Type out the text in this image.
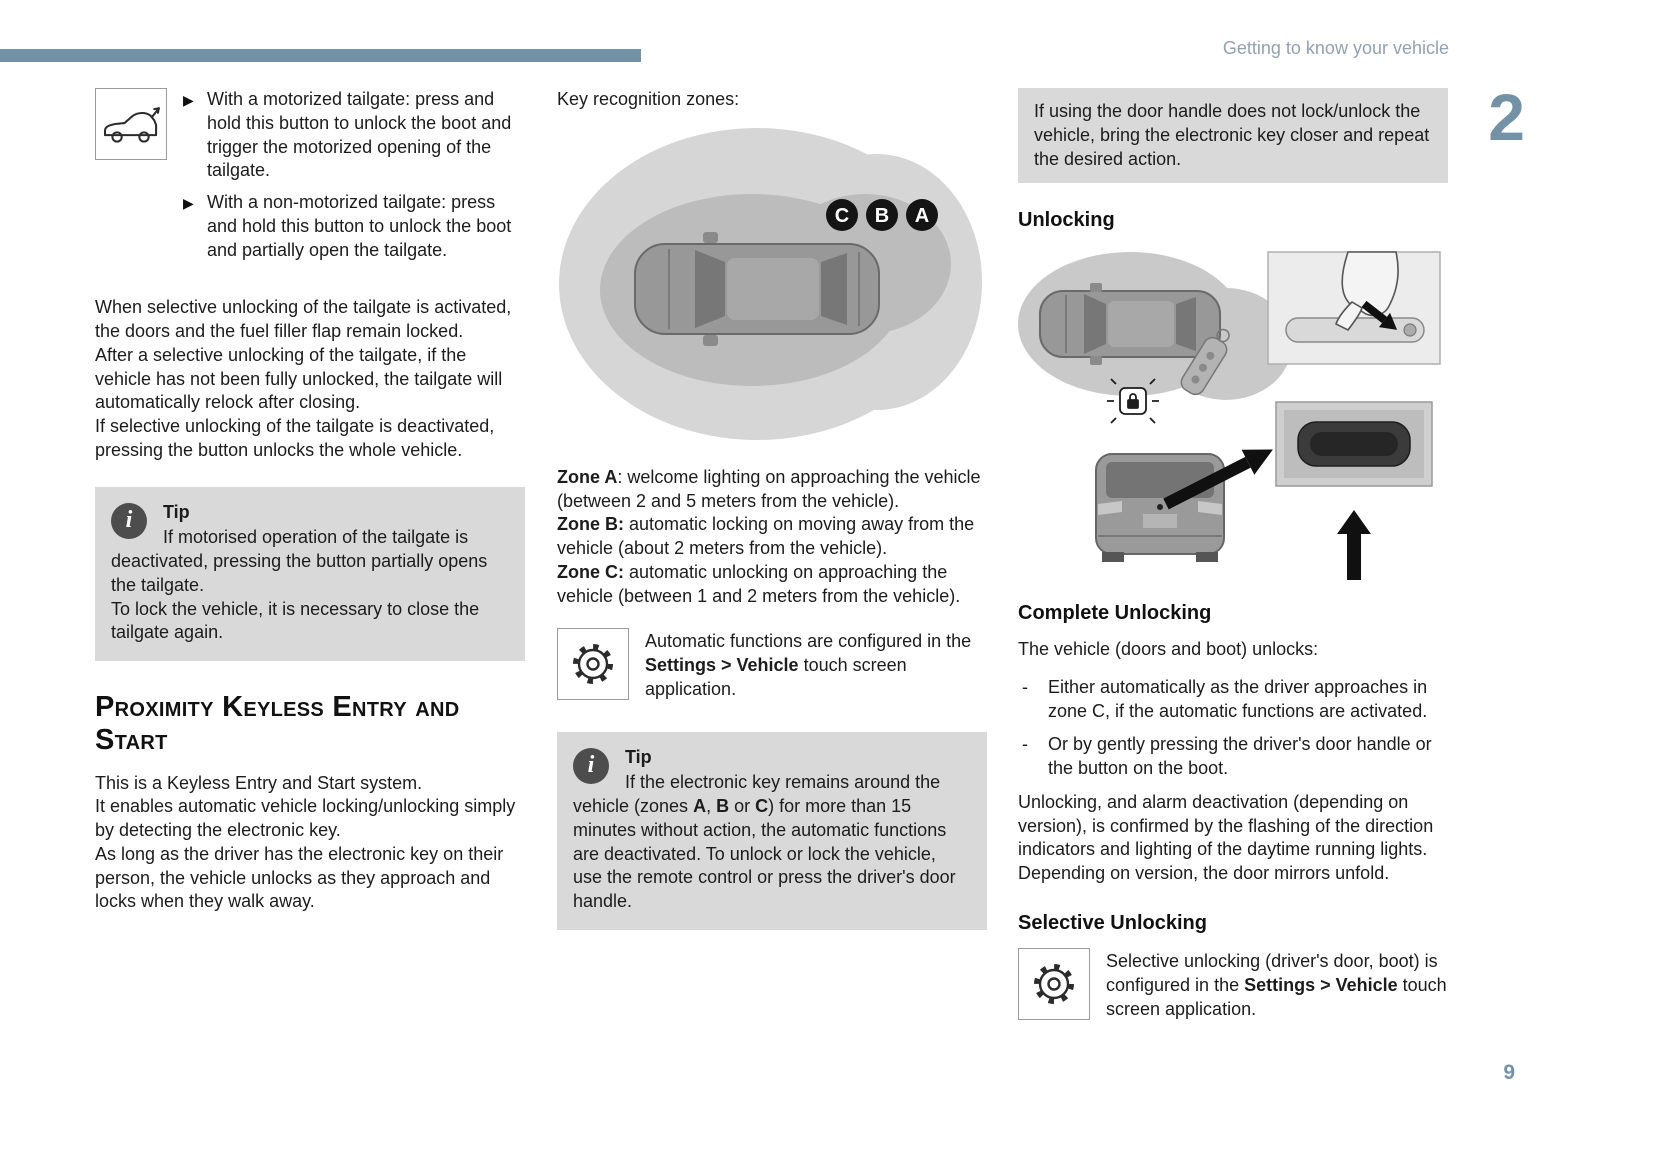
Getting to know your vehicle
2
9
▶ With a motorized tailgate: press and hold this button to unlock the boot and trigger the motorized opening of the tailgate.
▶ With a non-motorized tailgate: press and hold this button to unlock the boot and partially open the tailgate.

When selective unlocking of the tailgate is activated, the doors and the fuel filler flap remain locked.

After a selective unlocking of the tailgate, if the vehicle has not been fully unlocked, the tailgate will automatically relock after closing.

If selective unlocking of the tailgate is deactivated, pressing the button unlocks the whole vehicle.

i	Tip

If motorised operation of the tailgate is deactivated, pressing the button partially opens the tailgate.

To lock the vehicle, it is necessary to close the tailgate again.

Proximity Keyless Entry and Start

This is a Keyless Entry and Start system.

It enables automatic vehicle locking/unlocking simply by detecting the electronic key.

As long as the driver has the electronic key on their person, the vehicle unlocks as they approach and locks when they walk away.

Key recognition zones:

C B A

Zone A: welcome lighting on approaching the vehicle (between 2 and 5 meters from the vehicle).

Zone B: automatic locking on moving away from the vehicle (about 2 meters from the vehicle).

Zone C: automatic unlocking on approaching the vehicle (between 1 and 2 meters from the vehicle).

Automatic functions are configured in the Settings > Vehicle touch screen application.

i	Tip

If the electronic key remains around the vehicle (zones A, B or C) for more than 15 minutes without action, the automatic functions are deactivated. To unlock or lock the vehicle, use the remote control or press the driver's door handle.

If using the door handle does not lock/unlock the vehicle, bring the electronic key closer and repeat the desired action.

Unlocking
Complete Unlocking

The vehicle (doors and boot) unlocks:

- Either automatically as the driver approaches in zone C, if the automatic functions are activated.
- Or by gently pressing the driver's door handle or the button on the boot.

Unlocking, and alarm deactivation (depending on version), is confirmed by the flashing of the direction indicators and lighting of the daytime running lights.

Depending on version, the door mirrors unfold.

Selective Unlocking

Selective unlocking (driver's door, boot) is configured in the Settings > Vehicle touch screen application.
